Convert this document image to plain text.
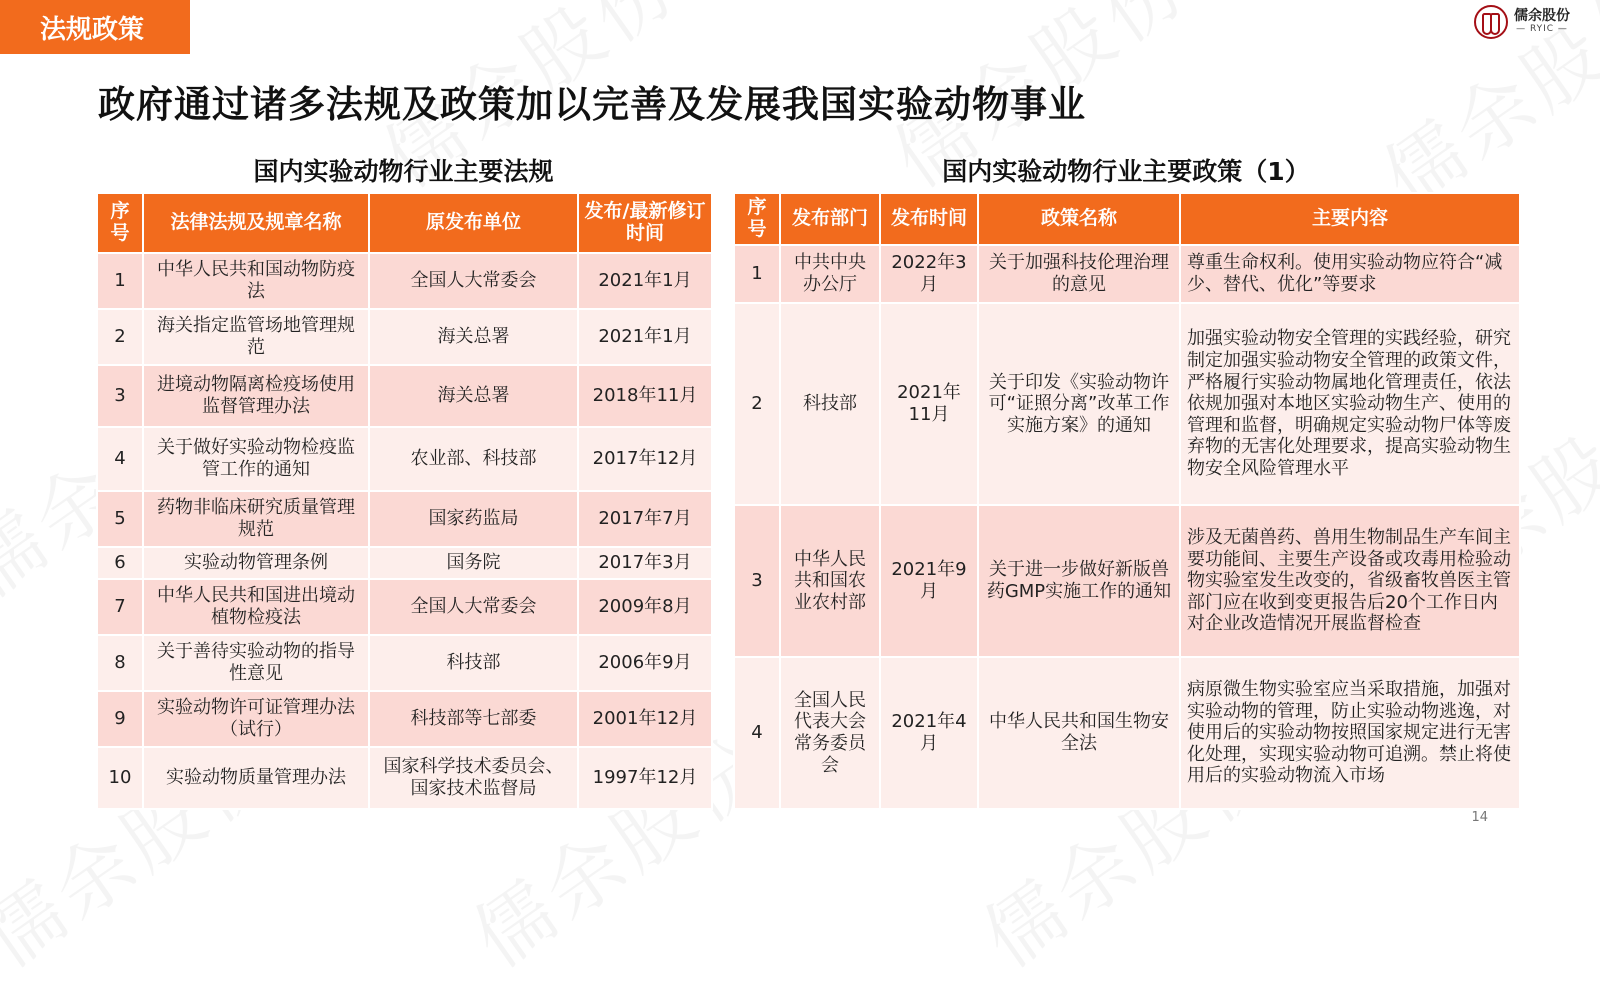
法规政策	儒余股份
— RYIC —
政府通过诸多法规及政策加以完善及发展我国实验动物事业
国内实验动物行业主要法规
序号	法律法规及规章名称	原发布单位	发布/最新修订时间
1	中华人民共和国动物防疫法	全国人大常委会	2021年1月
2	海关指定监管场地管理规范	海关总署	2021年1月
3	进境动物隔离检疫场使用监督管理办法	海关总署	2018年11月
4	关于做好实验动物检疫监管工作的通知	农业部、科技部	2017年12月
5	药物非临床研究质量管理规范	国家药监局	2017年7月
6	实验动物管理条例	国务院	2017年3月
7	中华人民共和国进出境动植物检疫法	全国人大常委会	2009年8月
8	关于善待实验动物的指导性意见	科技部	2006年9月
9	实验动物许可证管理办法（试行）	科技部等七部委	2001年12月
10	实验动物质量管理办法	国家科学技术委员会、国家技术监督局	1997年12月
国内实验动物行业主要政策（1）
序号	发布部门	发布时间	政策名称	主要内容
1	中共中央办公厅	2022年3月	关于加强科技伦理治理的意见	尊重生命权利。使用实验动物应符合“减少、替代、优化”等要求
2	科技部	2021年11月	关于印发《实验动物许可“证照分离”改革工作实施方案》的通知	加强实验动物安全管理的实践经验，研究制定加强实验动物安全管理的政策文件，严格履行实验动物属地化管理责任，依法依规加强对本地区实验动物生产、使用的管理和监督，明确规定实验动物尸体等废弃物的无害化处理要求，提高实验动物生物安全风险管理水平
3	中华人民共和国农业农村部	2021年9月	关于进一步做好新版兽药GMP实施工作的通知	涉及无菌兽药、兽用生物制品生产车间主要功能间、主要生产设备或攻毒用检验动物实验室发生改变的，省级畜牧兽医主管部门应在收到变更报告后20个工作日内对企业改造情况开展监督检查
4	全国人民代表大会常务委员会	2021年4月	中华人民共和国生物安全法	病原微生物实验室应当采取措施，加强对实验动物的管理，防止实验动物逃逸，对使用后的实验动物按照国家规定进行无害化处理，实现实验动物可追溯。禁止将使用后的实验动物流入市场
14
